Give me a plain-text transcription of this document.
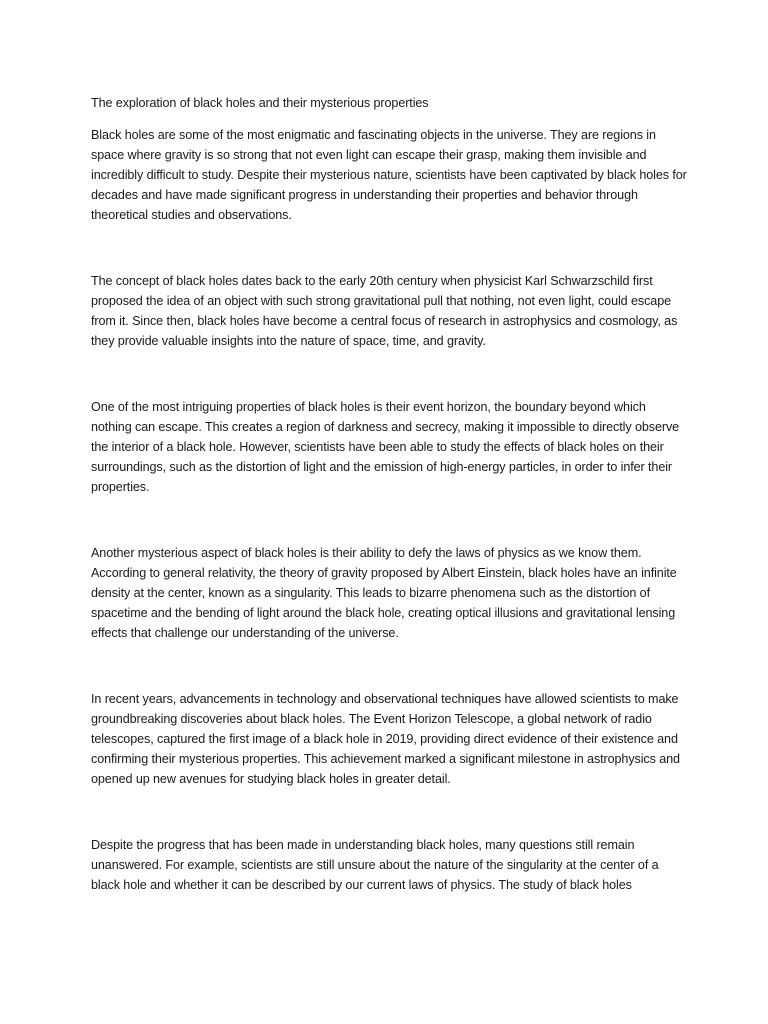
The exploration of black holes and their mysterious properties

Black holes are some of the most enigmatic and fascinating objects in the universe. They are regions in space where gravity is so strong that not even light can escape their grasp, making them invisible and incredibly difficult to study. Despite their mysterious nature, scientists have been captivated by black holes for decades and have made significant progress in understanding their properties and behavior through theoretical studies and observations.

The concept of black holes dates back to the early 20th century when physicist Karl Schwarzschild first proposed the idea of an object with such strong gravitational pull that nothing, not even light, could escape from it. Since then, black holes have become a central focus of research in astrophysics and cosmology, as they provide valuable insights into the nature of space, time, and gravity.

One of the most intriguing properties of black holes is their event horizon, the boundary beyond which nothing can escape. This creates a region of darkness and secrecy, making it impossible to directly observe the interior of a black hole. However, scientists have been able to study the effects of black holes on their surroundings, such as the distortion of light and the emission of high-energy particles, in order to infer their properties.

Another mysterious aspect of black holes is their ability to defy the laws of physics as we know them. According to general relativity, the theory of gravity proposed by Albert Einstein, black holes have an infinite density at the center, known as a singularity. This leads to bizarre phenomena such as the distortion of spacetime and the bending of light around the black hole, creating optical illusions and gravitational lensing effects that challenge our understanding of the universe.

In recent years, advancements in technology and observational techniques have allowed scientists to make groundbreaking discoveries about black holes. The Event Horizon Telescope, a global network of radio telescopes, captured the first image of a black hole in 2019, providing direct evidence of their existence and confirming their mysterious properties. This achievement marked a significant milestone in astrophysics and opened up new avenues for studying black holes in greater detail.

Despite the progress that has been made in understanding black holes, many questions still remain unanswered. For example, scientists are still unsure about the nature of the singularity at the center of a black hole and whether it can be described by our current laws of physics. The study of black holes
